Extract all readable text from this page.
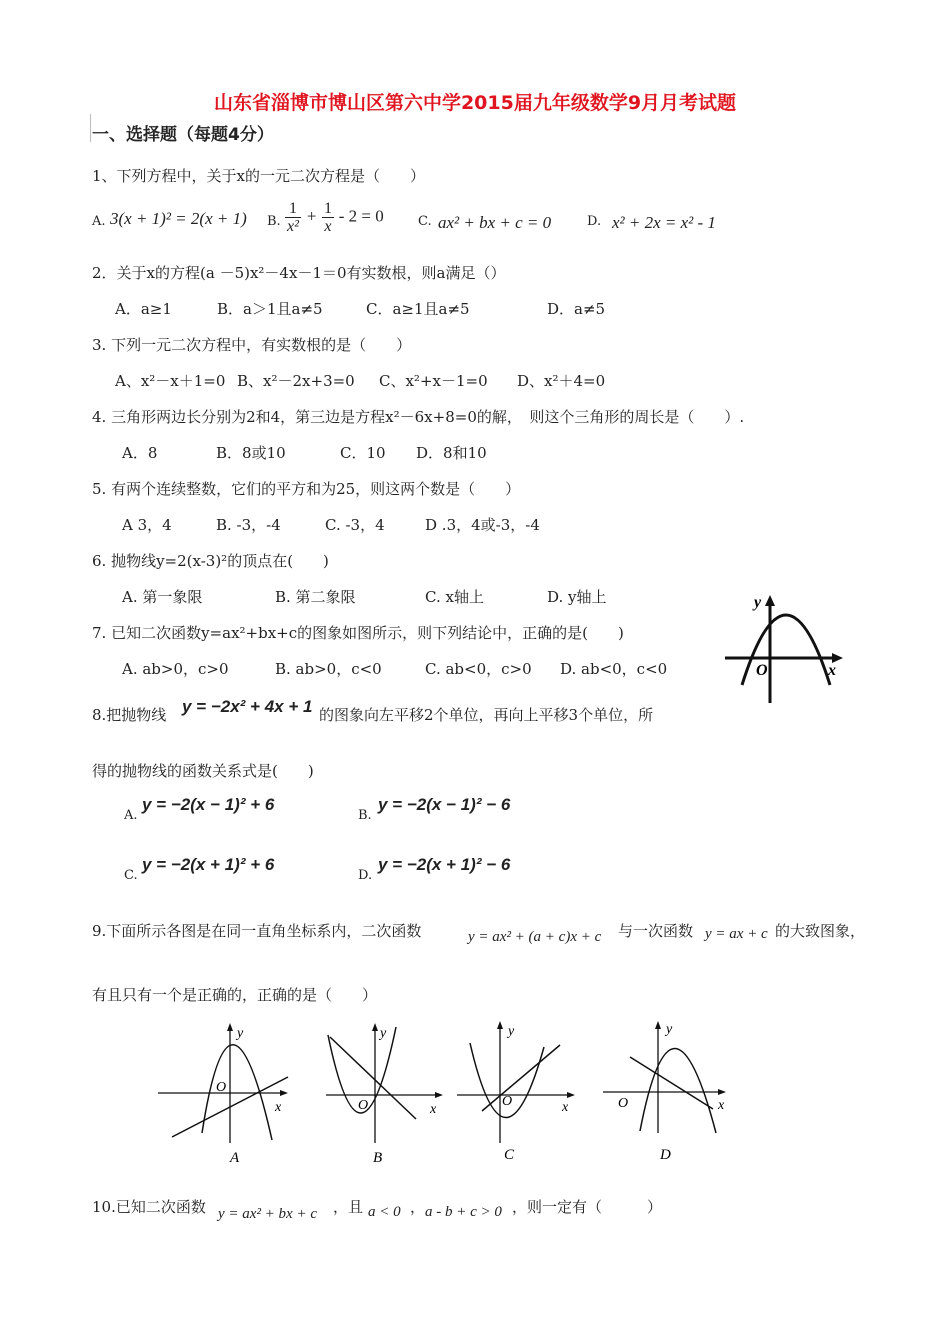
山东省淄博市博山区第六中学2015届九年级数学9月月考试题
一、选择题（每题4分）
1、下列方程中，关于x的一元二次方程是（　　）
A. 3(x + 1)² = 2(x + 1) B. $\frac{1}{\text{x²}} + \frac{1}{x} - 2 = 0$	C. ax² + bx + c = 0	D. x² + 2x = x² - 1
2．关于x的方程(a －5)x²－4x－1＝0有实数根，则a满足（）
A．a≥1	B．a＞1且a≠5	C．a≥1且a≠5	D．a≠5
3. 下列一元二次方程中，有实数根的是（　　）
A、x²－x＋1=0 B、x²－2x+3=0 C、x²+x－1=0 D、x²＋4=0
4. 三角形两边长分别为2和4，第三边是方程x²－6x+8=0的解，　则这个三角形的周长是（　　）.
A．8	B．8或10	C．10 D．8和10
5. 有两个连续整数，它们的平方和为25，则这两个数是（　　）
A 3，4	B. -3，-4	C. -3，4	D .3，4或-3，-4
6. 抛物线y=2(x-3)²的顶点在(　　)
A. 第一象限	B. 第二象限	C. x轴上	D. y轴上
7. 已知二次函数y=ax²+bx+c的图象如图所示，则下列结论中，正确的是(　　)
A. ab>0，c>0	B. ab>0，c<0	C. ab<0，c>0 D. ab<0，c<0
y
x
O
8.把抛物线 y = −2x² + 4x + 1 的图象向左平移2个单位，再向上平移3个单位，所
得的抛物线的函数关系式是(　　)
A.
y = −2(x − 1)² + 6
B.
y = −2(x − 1)² − 6
C.
y = −2(x + 1)² + 6
D.
y = −2(x + 1)² − 6
9.下面所示各图是在同一直角坐标系内，二次函数	y = ax² + (a + c)x + c 与一次函数 y = ax + c 的大致图象，
有且只有一个是正确的，正确的是（　　）
y
x
O
A
y
x
O
B
y
x
O
C
y
x
O
D
10.已知二次函数 y = ax² + bx + c ，且 a < 0 ， a - b + c > 0 ，则一定有（　　　）
